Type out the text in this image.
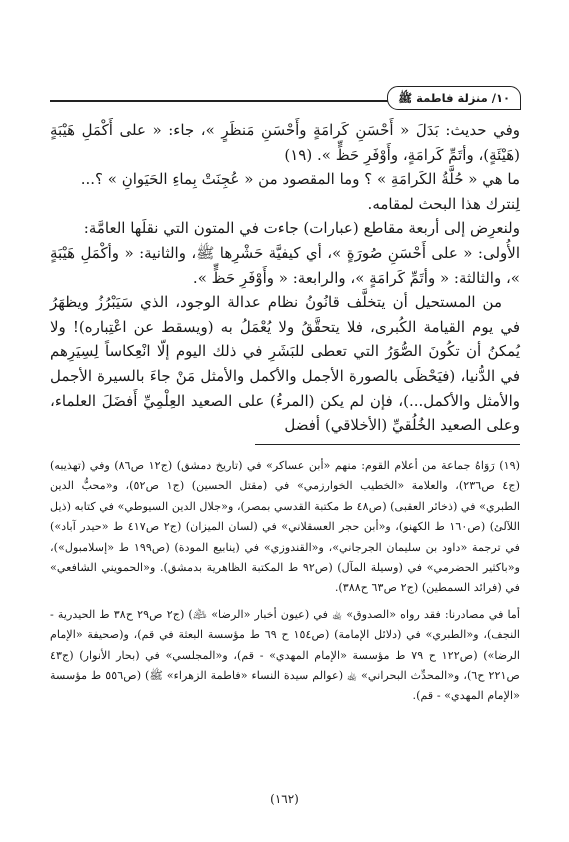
١٠/ منزلة فاطمة ﷺ

وفي حديث: بَدَلَ « أَحْسَنِ كَرامَةٍ وأَحْسَنِ مَنظَرٍ »، جاء: « على أَكْمَلِ هَيْبَةٍ (هَيْئَةٍ)، وأتَمِّ كَرامَةٍ، وأَوْفَرِ حَظٍّ ». (١٩)

ما هي « حُلَّةُ الكَرامَةِ » ؟ وما المقصود من « عُجِنَتْ بِماءِ الحَيَوانِ » ؟...

لِنترك هذا البحث لمقامه.

ولنعرِض إلى أربعة مقاطع (عبارات) جاءت في المتون التي نقلَها العامَّة:

الأُولى: « على أَحْسَنِ صُورَةٍ »، أي كيفيَّة حَشْرِها ﷺ، والثانية: « وأكْمَلِ هَيْبَةٍ »، والثالثة: « وأتَمِّ كَرامَةٍ »، والرابعة: « وأَوْفَرِ حَظٍّ ».

من المستحيل أن يتخلَّف قانُونُ نظام عدالة الوجود، الذي سَيَبْرُزُ ويظهَرُ في يوم القيامة الكُبرى، فلا يتحقَّقُ ولا يُعْمَلُ به (ويسقط عن اعْتِباره)! ولا يُمكنُ أن تكُونَ الصُّوَرُ التي تعطى للبَشَرِ في ذلك اليوم إلّا انْعِكاساً لِسِيَرِهم في الدُّنيا، (فيَحْظَى بالصورة الأجمل والأكمل والأمثل مَنْ جاءَ بالسيرة الأجمل والأمثل والأكمل...)، فإن لم يكن (المرءُ) على الصعيد العِلْمِيِّ أَفضَلَ العلماء، وعلى الصعيد الخُلُقيِّ (الأخلاقي) أفضل

(١٩) رَوَاهُ جماعة من أعلام القوم: منهم «أبن عساكر» في (تاريخ دمشق) (ج١٢ ص٨٦) وفي (تهذيبه) (ج٤ ص٢٣٦)، والعلامة «الخطيب الخوارزمي» في (مقتل الحسين) (ج١ ص٥٢)، و«محبُّ الدين الطبري» في (ذخائر العقبى) (ص٤٨ ط مكتبة القدسي بمصر)، و«جلال الدين السيوطي» في كتابه (ذيل اللآلئ) (ص١٦٠ ط الكهنو)، و«أبن حجر العسقلاني» في (لسان الميزان) (ج٢ ص٤١٧ ط «حيدر آباد») في ترجمة «داود بن سليمان الجرجاني»، و«القندوزي» في (ينابيع المودة) (ص١٩٩ ط «إسلامبول»)، و«باكثير الحضرمي» في (وسيلة المآل) (ص٩٢ ط المكتبة الظاهرية بدمشق). و«الحمويني الشافعي» في (فرائد السمطين) (ج٢ ص٦٣ ح٣٨٨).

أما في مصادرنا: فقد رواه «الصدوق» ﵀ في (عيون أخبار «الرضا» ﵇) (ج٢ ص٢٩ ح٣٨ ط الحيدرية - النجف)، و«الطبري» في (دلائل الإمامة) (ص١٥٤ ح ٦٩ ط مؤسسة البعثة في قم)، و(صحيفة «الإمام الرضا») (ص١٢٢ ح ٧٩ ط مؤسسة «الإمام المهدي» - قم)، و«المجلسي» في (بحار الأنوار) (ج٤٣ ص٢٢١ ح٦)، و«المحدِّث البحراني» ﵀ (عوالم سيدة النساء «فاطمة الزهراء» ﷺ) (ص٥٥٦ ط مؤسسة «الإمام المهدي» - قم).

(١٦٢)
